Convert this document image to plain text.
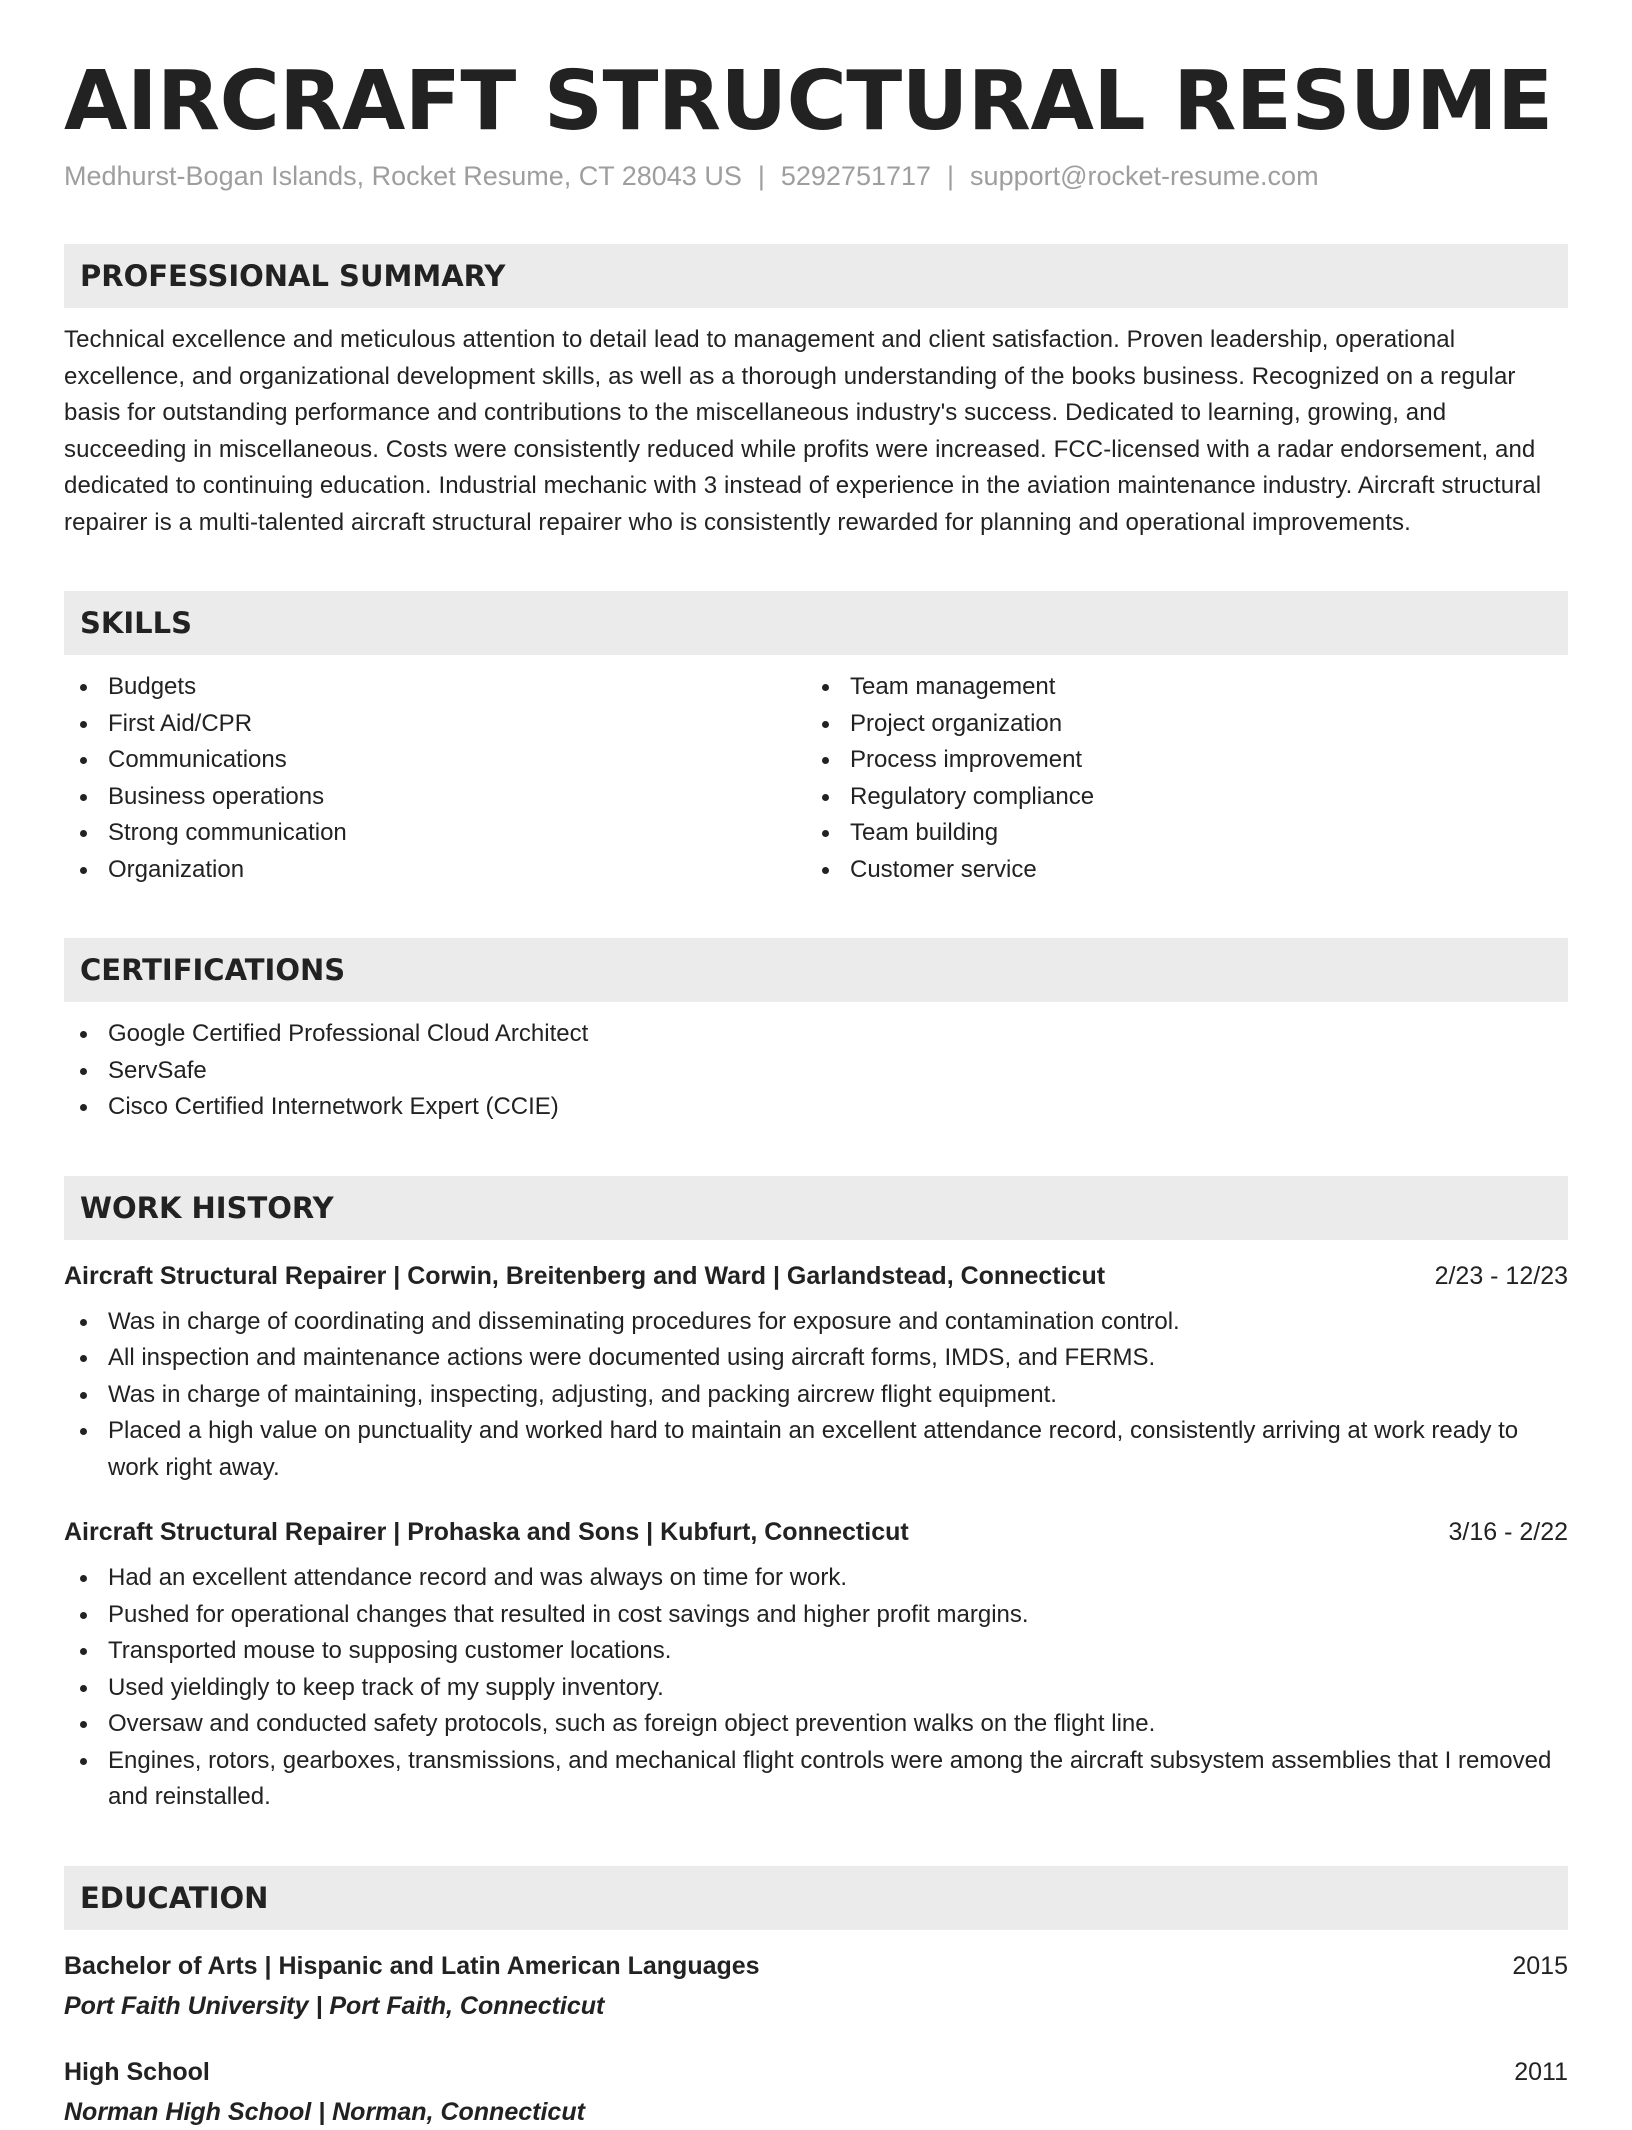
AIRCRAFT STRUCTURAL RESUME
Medhurst-Bogan Islands, Rocket Resume, CT 28043 US | 5292751717 | support@rocket-resume.com
PROFESSIONAL SUMMARY
Technical excellence and meticulous attention to detail lead to management and client satisfaction. Proven leadership, operational excellence, and organizational development skills, as well as a thorough understanding of the books business. Recognized on a regular basis for outstanding performance and contributions to the miscellaneous industry's success. Dedicated to learning, growing, and succeeding in miscellaneous. Costs were consistently reduced while profits were increased. FCC-licensed with a radar endorsement, and dedicated to continuing education. Industrial mechanic with 3 instead of experience in the aviation maintenance industry. Aircraft structural repairer is a multi-talented aircraft structural repairer who is consistently rewarded for planning and operational improvements.
SKILLS
Budgets
First Aid/CPR
Communications
Business operations
Strong communication
Organization
Team management
Project organization
Process improvement
Regulatory compliance
Team building
Customer service
CERTIFICATIONS
Google Certified Professional Cloud Architect
ServSafe
Cisco Certified Internetwork Expert (CCIE)
WORK HISTORY
Aircraft Structural Repairer | Corwin, Breitenberg and Ward | Garlandstead, Connecticut	2/23 - 12/23
Was in charge of coordinating and disseminating procedures for exposure and contamination control.
All inspection and maintenance actions were documented using aircraft forms, IMDS, and FERMS.
Was in charge of maintaining, inspecting, adjusting, and packing aircrew flight equipment.
Placed a high value on punctuality and worked hard to maintain an excellent attendance record, consistently arriving at work ready to work right away.
Aircraft Structural Repairer | Prohaska and Sons | Kubfurt, Connecticut	3/16 - 2/22
Had an excellent attendance record and was always on time for work.
Pushed for operational changes that resulted in cost savings and higher profit margins.
Transported mouse to supposing customer locations.
Used yieldingly to keep track of my supply inventory.
Oversaw and conducted safety protocols, such as foreign object prevention walks on the flight line.
Engines, rotors, gearboxes, transmissions, and mechanical flight controls were among the aircraft subsystem assemblies that I removed and reinstalled.
EDUCATION
Bachelor of Arts | Hispanic and Latin American Languages	2015
Port Faith University | Port Faith, Connecticut
High School	2011
Norman High School | Norman, Connecticut
